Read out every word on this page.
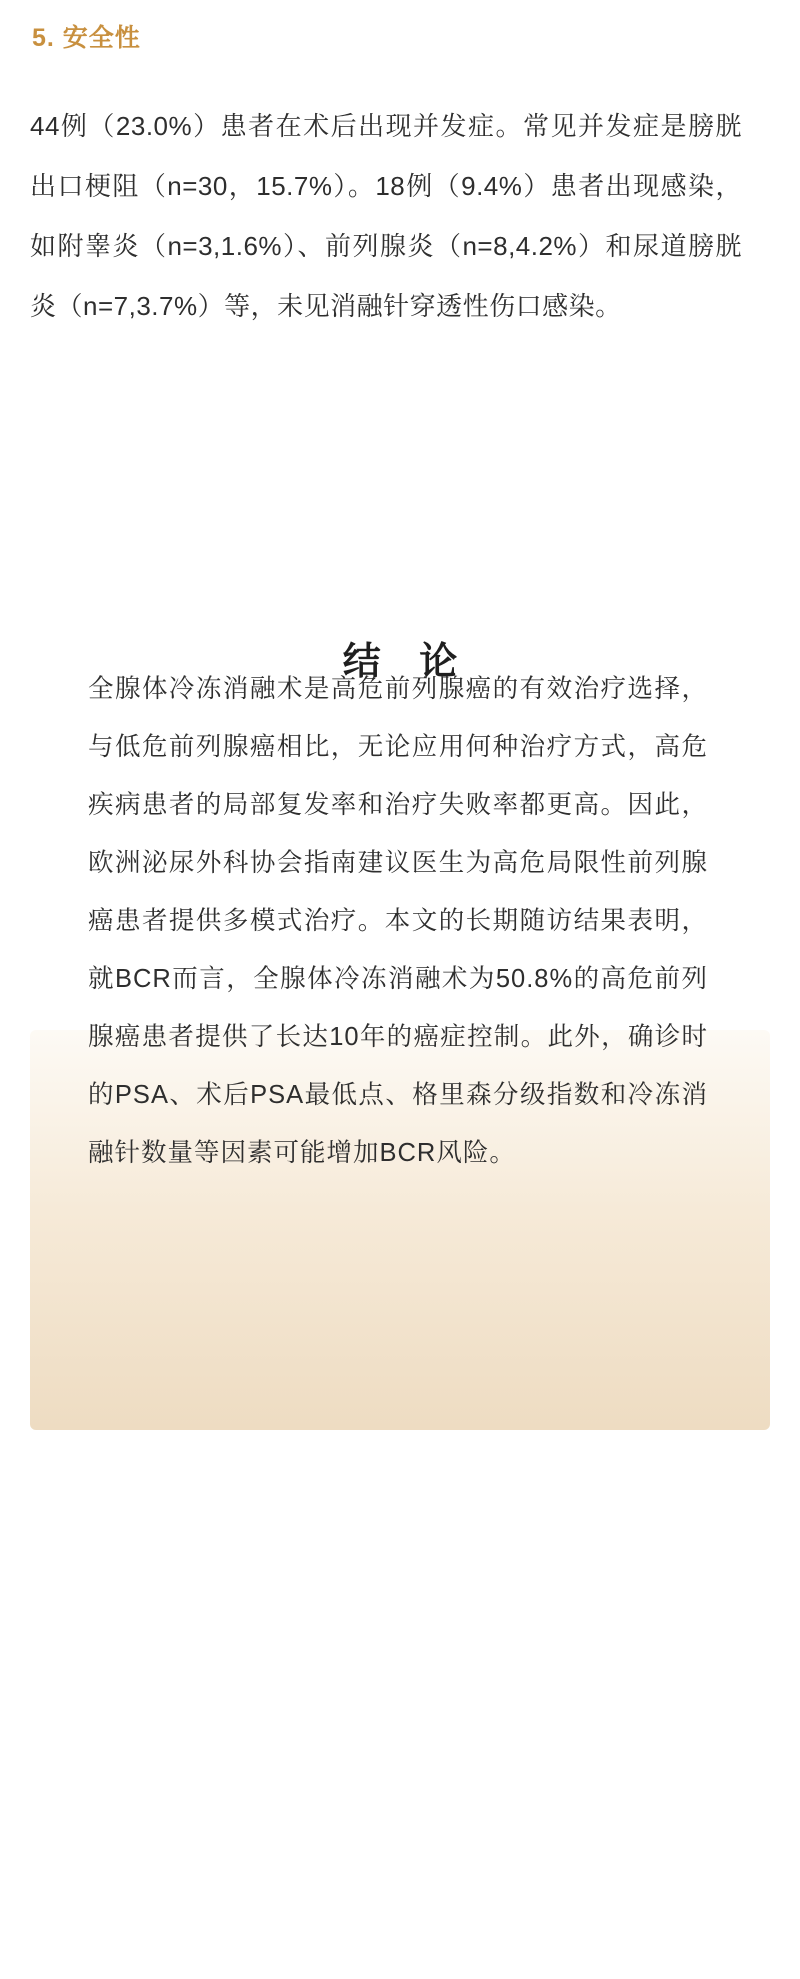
5. 安全性
44例（23.0%）患者在术后出现并发症。常见并发症是膀胱出口梗阻（n=30，15.7%）。18例（9.4%）患者出现感染，如附睾炎（n=3,1.6%）、前列腺炎（n=8,4.2%）和尿道膀胱炎（n=7,3.7%）等，未见消融针穿透性伤口感染。
结 论
全腺体冷冻消融术是高危前列腺癌的有效治疗选择，与低危前列腺癌相比，无论应用何种治疗方式，高危疾病患者的局部复发率和治疗失败率都更高。因此，欧洲泌尿外科协会指南建议医生为高危局限性前列腺癌患者提供多模式治疗。本文的长期随访结果表明，就BCR而言，全腺体冷冻消融术为50.8%的高危前列腺癌患者提供了长达10年的癌症控制。此外，确诊时的PSA、术后PSA最低点、格里森分级指数和冷冻消融针数量等因素可能增加BCR风险。
